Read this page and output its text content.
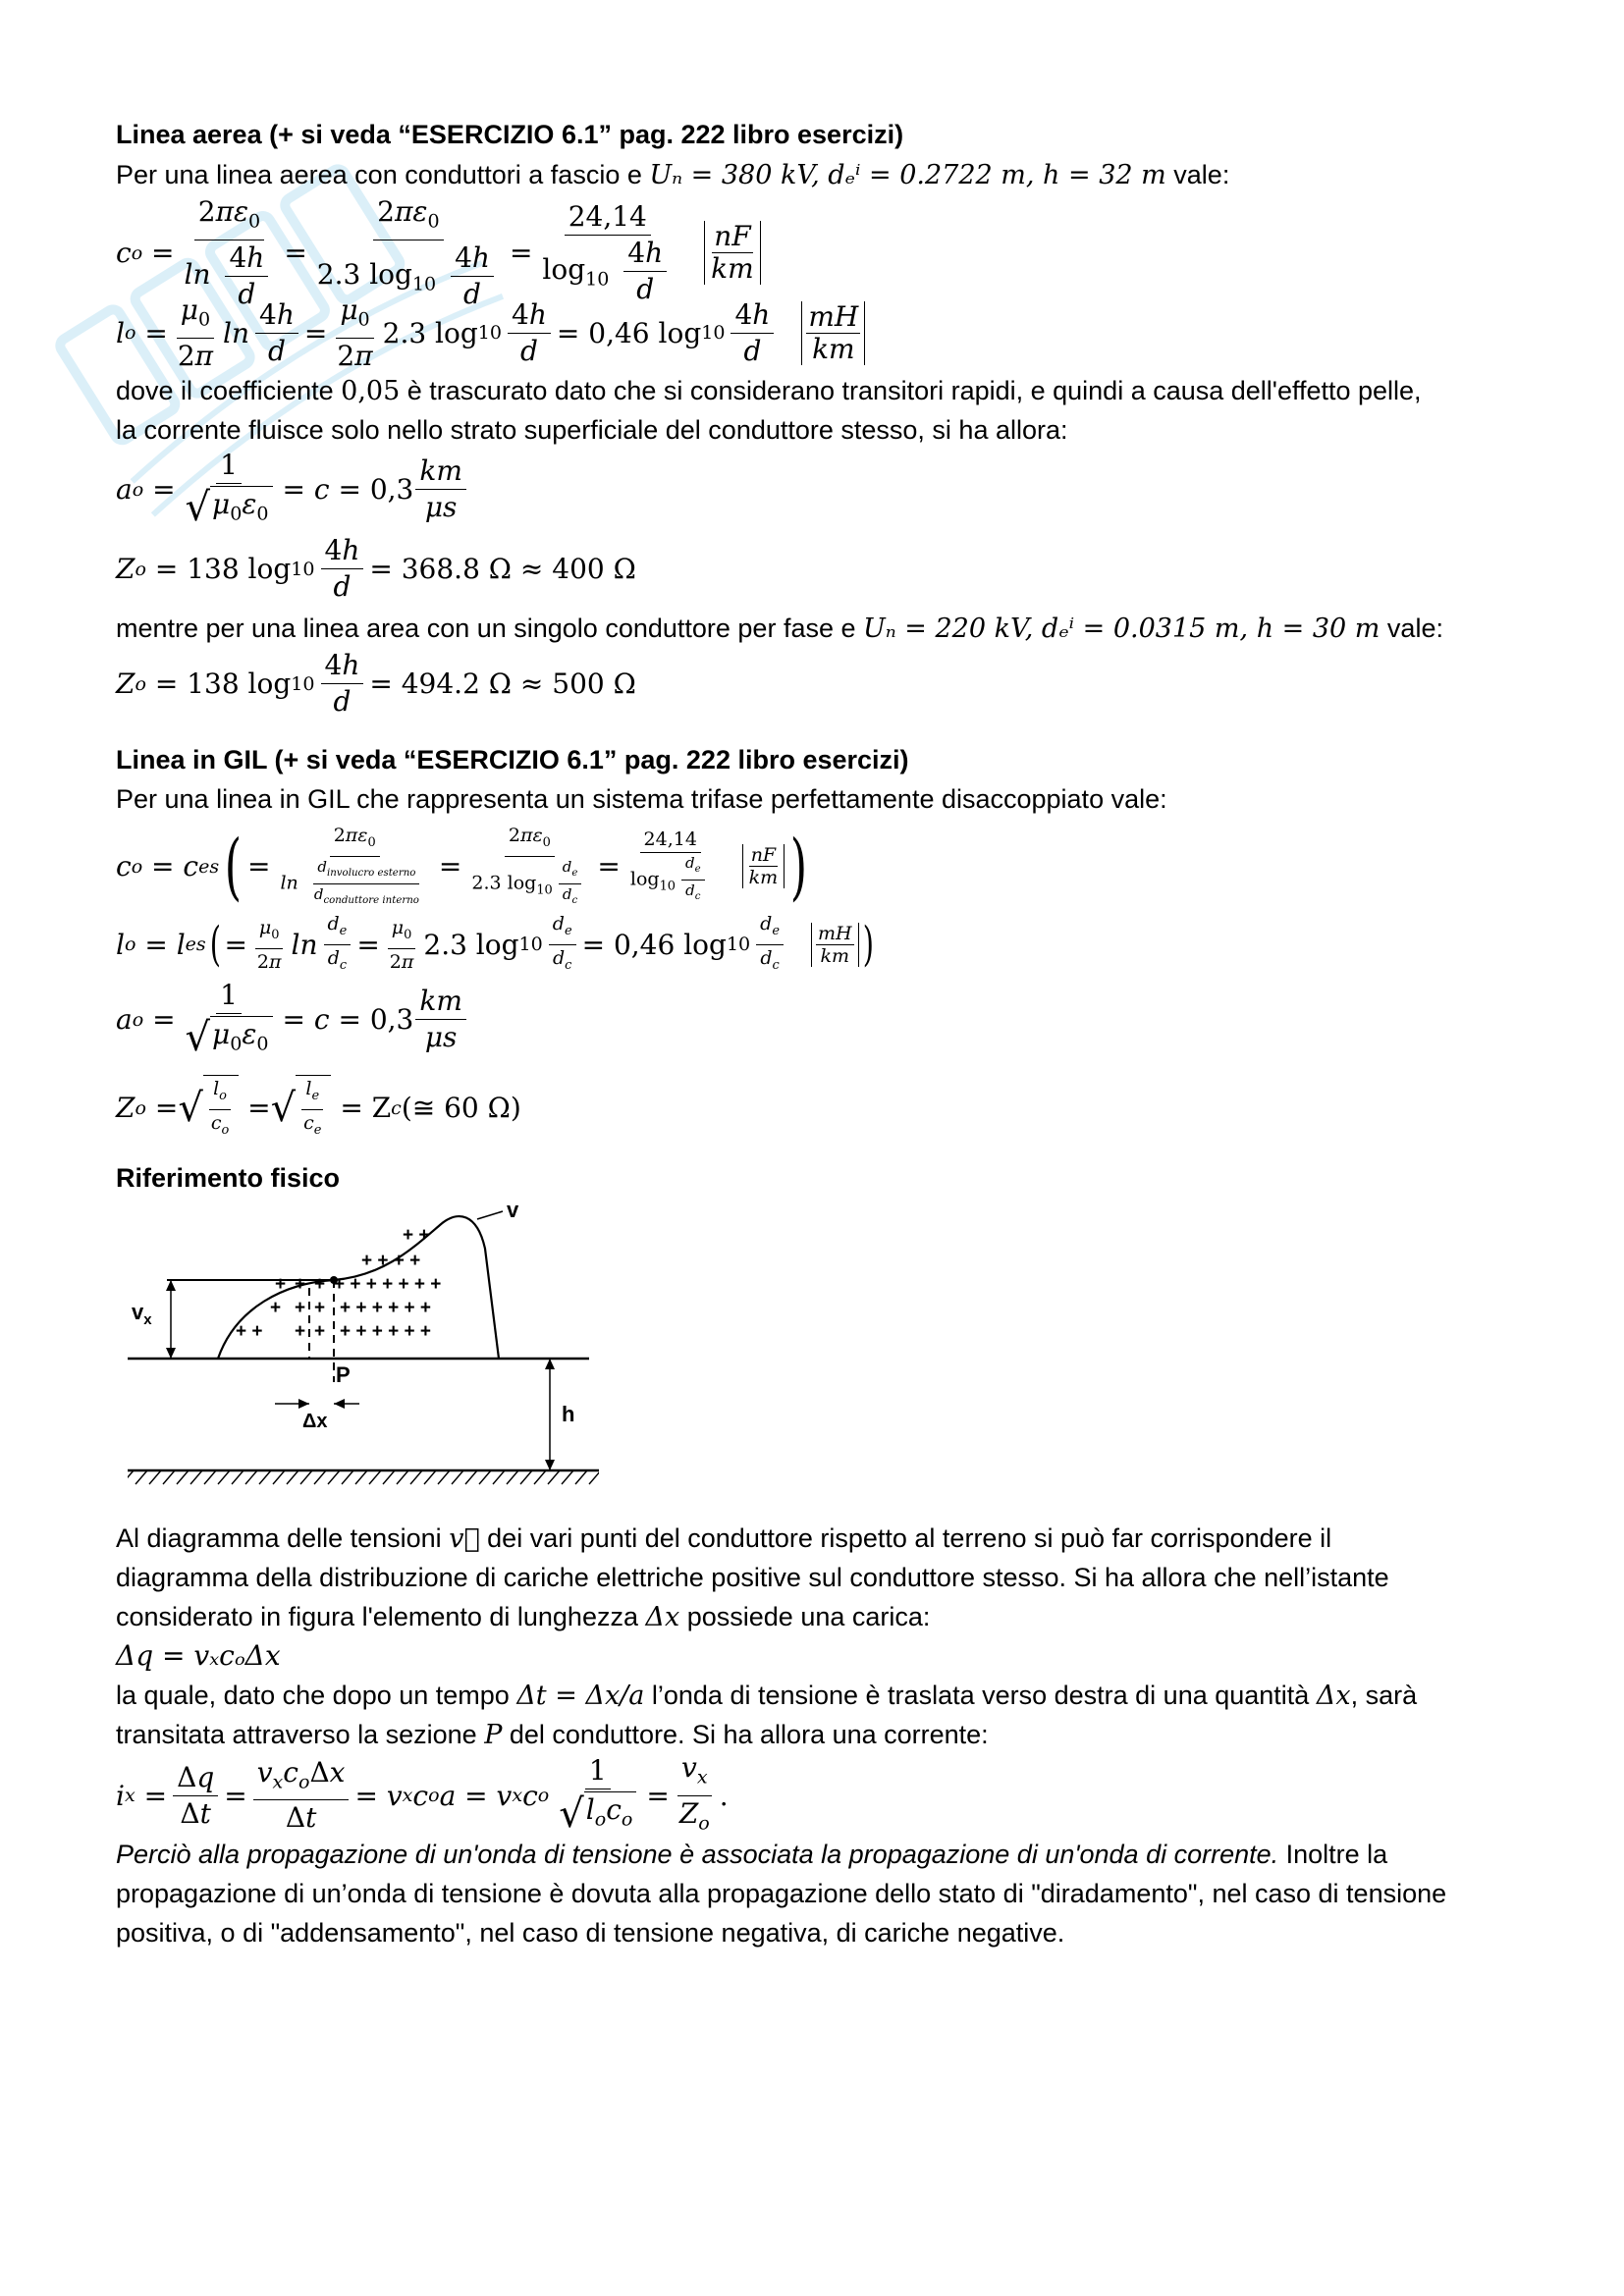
Linea aerea (+ si veda “ESERCIZIO 6.1” pag. 222 libro esercizi)
Per una linea aerea con conduttori a fascio e Uₙ = 380 kV, dₑⁱ = 0.2722 m, h = 32 m vale:
c $o = \frac{2\pi\varepsilon_0}{\ln \frac{4h}{d}} = \frac{2\pi\varepsilon_0}{2.3 \log_{10} \frac{4h}{d}} = \frac{24,14}{\log_{10} \frac{4h}{d}}$ nF
km
l $o = \frac{\mu_0}{2\pi}$ $\ln \frac{4h}{d} = \frac{\mu_0}{2\pi} 2.3$ $\log 10 \frac{4h}{d} = 0,46$ $\log 10 \frac{4h}{d}$ mH
km
dove il coefficiente 0,05 è trascurato dato che si considerano transitori rapidi, e quindi a causa dell'effetto pelle,
la corrente fluisce solo nello strato superficiale del conduttore stesso, si ha allora:
a $o = \frac{1}{√ \mu_0\varepsilon_0} = c = 0,3 \frac{km}{\mu s}$
Z o = 138 $\log 10 \frac{4h}{d} = 368.8$ Ω ≈ 400 Ω
mentre per una linea area con un singolo conduttore per fase e Uₙ = 220 kV, dₑⁱ = 0.0315 m, h = 30 m vale:
Z o = 138 $\log 10 \frac{4h}{d} = 494.2$ Ω ≈ 500 Ω
Linea in GIL (+ si veda “ESERCIZIO 6.1” pag. 222 libro esercizi)
Per una linea in GIL che rappresenta un sistema trifase perfettamente disaccoppiato vale:
c o = c es ( = $\frac{2\pi\varepsilon_0}{\ln \frac{d_{involucro esterno}}{d_{conduttore interno}}} = \frac{2\pi\varepsilon_0}{2.3 \log_{10} \frac{d_e}{d_c}} = \frac{24,14}{\log_{10} \frac{d_e}{d_c}}$ nF
km )
l o = l es ( = $\frac{\mu_0}{2\pi}$ $\ln \frac{d_e}{d_c} = \frac{\mu_0}{2\pi} 2.3$ $\log 10 \frac{d_e}{d_c} = 0,46$ $\log 10 \frac{d_e}{d_c}$ mH
km )
a $o = \frac{1}{√ \mu_0\varepsilon_0} = c = 0,3 \frac{km}{\mu s}$
Z o = √ $\frac{l_o}{c_o}$ = √ $\frac{l_e}{c_e}$
= Z c (≅ 60 Ω)
Riferimento fisico
+ +
+ + + +
+ + + + + + +
+ + +
+ + + + + + + + +
+ + + + + + + + + +
v
$v_x$
P
Δx	h
Al diagramma delle tensioni v⃗ dei vari punti del conduttore rispetto al terreno si può far corrispondere il
diagramma della distribuzione di cariche elettriche positive sul conduttore stesso. Si ha allora che nell’istante
considerato in figura l'elemento di lunghezza Δx possiede una carica:
Δq = vₓcₒΔx
la quale, dato che dopo un tempo Δt = Δx/a l’onda di tensione è traslata verso destra di una quantità Δx, sarà
transitata attraverso la sezione P del conduttore. Si ha allora una corrente:
i $x = \frac{\Delta q}{\Delta t} = \frac{v_xc_o\Delta x}{\Delta t} = v$ x c o a = v x c o $\frac{1}{√ l_oc_o} = \frac{v_x}{Z_o}$ .
Perciò alla propagazione di un'onda di tensione è associata la propagazione di un'onda di corrente. Inoltre la
propagazione di un’onda di tensione è dovuta alla propagazione dello stato di "diradamento", nel caso di tensione
positiva, o di "addensamento", nel caso di tensione negativa, di cariche negative.
